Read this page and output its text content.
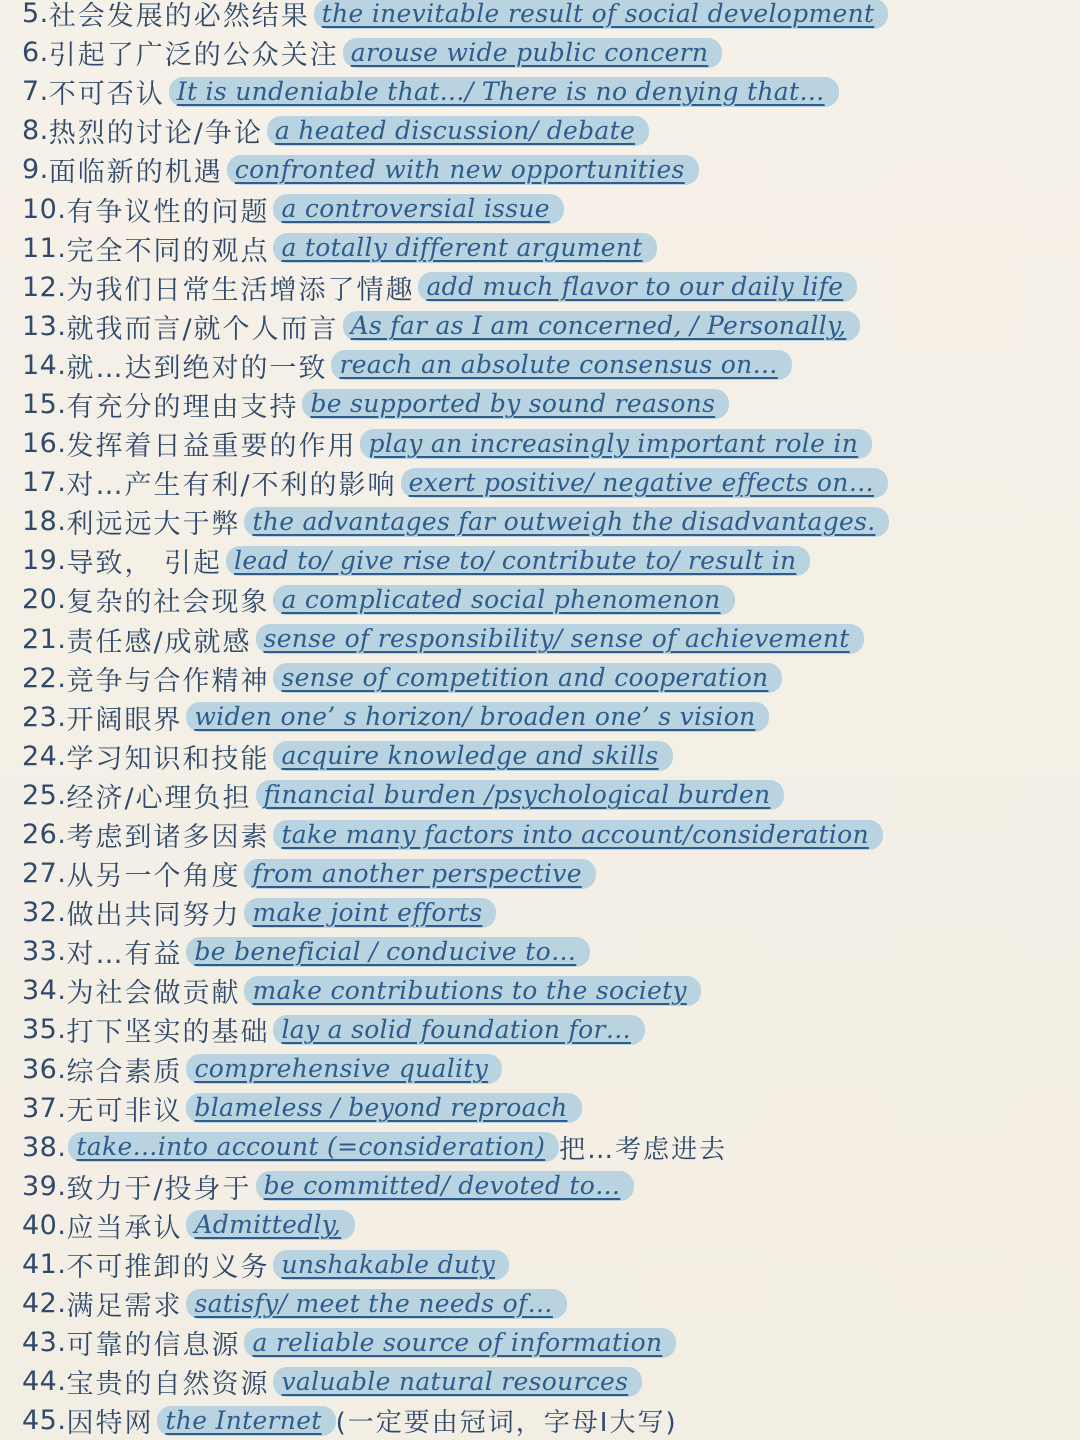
5. 社会发展的必然结果 the inevitable result of social development
6. 引起了广泛的公众关注 arouse wide public concern
7. 不可否认 It is undeniable that…/ There is no denying that…
8. 热烈的讨论/争论 a heated discussion/ debate
9. 面临新的机遇 confronted with new opportunities
10. 有争议性的问题 a controversial issue
11. 完全不同的观点 a totally different argument
12. 为我们日常生活增添了情趣 add much flavor to our daily life
13. 就我而言/就个人而言 As far as I am concerned, / Personally,
14. 就…达到绝对的一致 reach an absolute consensus on…
15. 有充分的理由支持 be supported by sound reasons
16. 发挥着日益重要的作用 play an increasingly important role in
17. 对…产生有利/不利的影响 exert positive/ negative effects on…
18. 利远远大于弊 the advantages far outweigh the disadvantages.
19. 导致， 引起 lead to/ give rise to/ contribute to/ result in
20. 复杂的社会现象 a complicated social phenomenon
21. 责任感/成就感 sense of responsibility/ sense of achievement
22. 竞争与合作精神 sense of competition and cooperation
23. 开阔眼界 widen one’ s horizon/ broaden one’ s vision
24. 学习知识和技能 acquire knowledge and skills
25. 经济/心理负担 financial burden /psychological burden
26. 考虑到诸多因素 take many factors into account/consideration
27. 从另一个角度 from another perspective
32. 做出共同努力 make joint efforts
33. 对…有益 be beneficial / conducive to…
34. 为社会做贡献 make contributions to the society
35. 打下坚实的基础 lay a solid foundation for…
36. 综合素质 comprehensive quality
37. 无可非议 blameless / beyond reproach
38. take…into account (=consideration) 把…考虑进去
39. 致力于/投身于 be committed/ devoted to…
40. 应当承认 Admittedly,
41. 不可推卸的义务 unshakable duty
42. 满足需求 satisfy/ meet the needs of…
43. 可靠的信息源 a reliable source of information
44. 宝贵的自然资源 valuable natural resources
45. 因特网 the Internet (一定要由冠词，字母I大写)
